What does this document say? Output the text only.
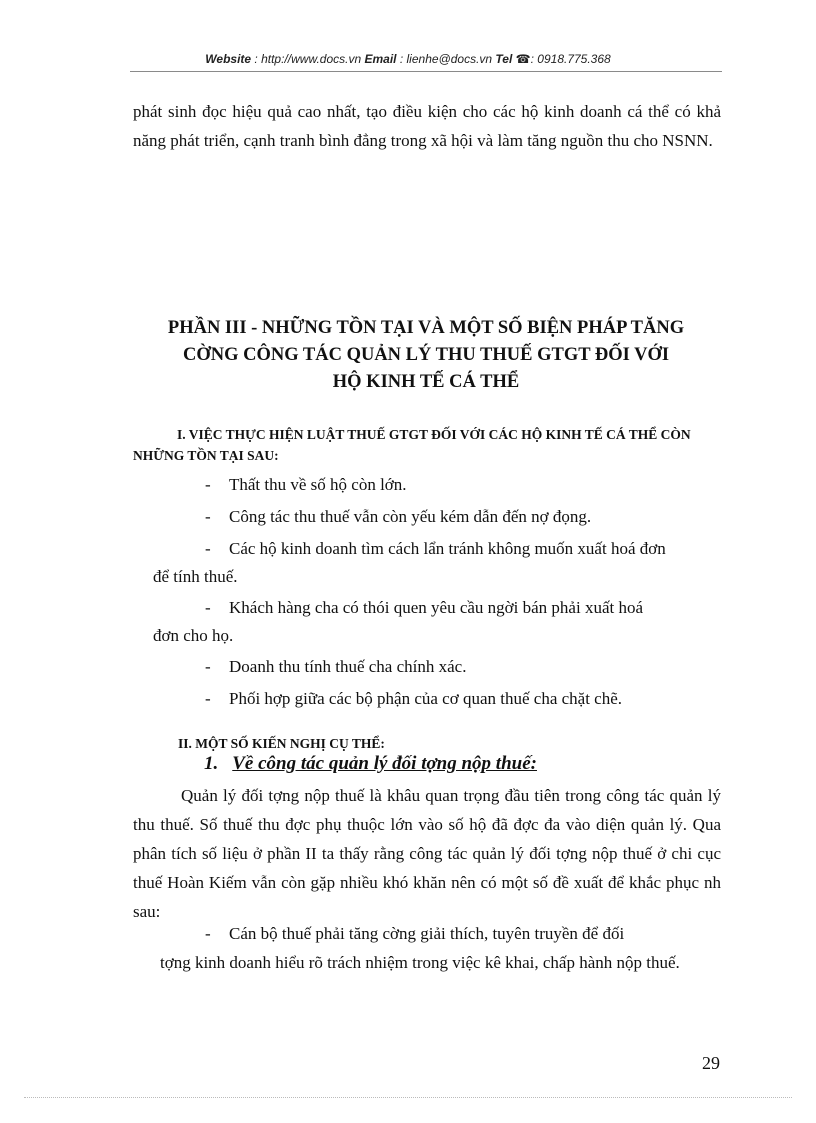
Website : http://www.docs.vn Email : lienhe@docs.vn Tel ☎: 0918.775.368

phát sinh đọc hiệu quả cao nhất, tạo điều kiện cho các hộ kinh doanh cá thể có khả năng phát triển, cạnh tranh bình đẳng trong xã hội và làm tăng nguồn thu cho NSNN.

PHẦN III - NHỮNG TỒN TẠI VÀ MỘT SỐ BIỆN PHÁP TĂNG
CỜNG CÔNG TÁC QUẢN LÝ THU THUẾ GTGT ĐỐI VỚI
HỘ KINH TẾ CÁ THỂ

I. VIỆC THỰC HIỆN LUẬT THUẾ GTGT ĐỐI VỚI CÁC HỘ KINH TẾ CÁ THỂ CÒN NHỮNG TỒN TẠI SAU:

- Thất thu về số hộ còn lớn.

- Công tác thu thuế vẫn còn yếu kém dẫn đến nợ đọng.

- Các hộ kinh doanh tìm cách lẩn tránh không muốn xuất hoá đơn

để tính thuế.

- Khách hàng cha có thói quen yêu cầu ngời bán phải xuất hoá

đơn cho họ.

- Doanh thu tính thuế cha chính xác.

- Phối hợp giữa các bộ phận của cơ quan thuế cha chặt chẽ.

II. MỘT SỐ KIẾN NGHỊ CỤ THỂ:

1. Về công tác quản lý đối tợng nộp thuế:

Quản lý đối tợng nộp thuế là khâu quan trọng đầu tiên trong công tác quản lý thu thuế. Số thuế thu đợc phụ thuộc lớn vào số hộ đã đợc đa vào diện quản lý. Qua phân tích số liệu ở phần II ta thấy rằng công tác quản lý đối tợng nộp thuế ở chi cục thuế Hoàn Kiếm vẫn còn gặp nhiều khó khăn nên có một số đề xuất để khắc phục nh sau:

- Cán bộ thuế phải tăng cờng giải thích, tuyên truyền để đối

tợng kinh doanh hiểu rõ trách nhiệm trong việc kê khai, chấp hành nộp thuế.

29
